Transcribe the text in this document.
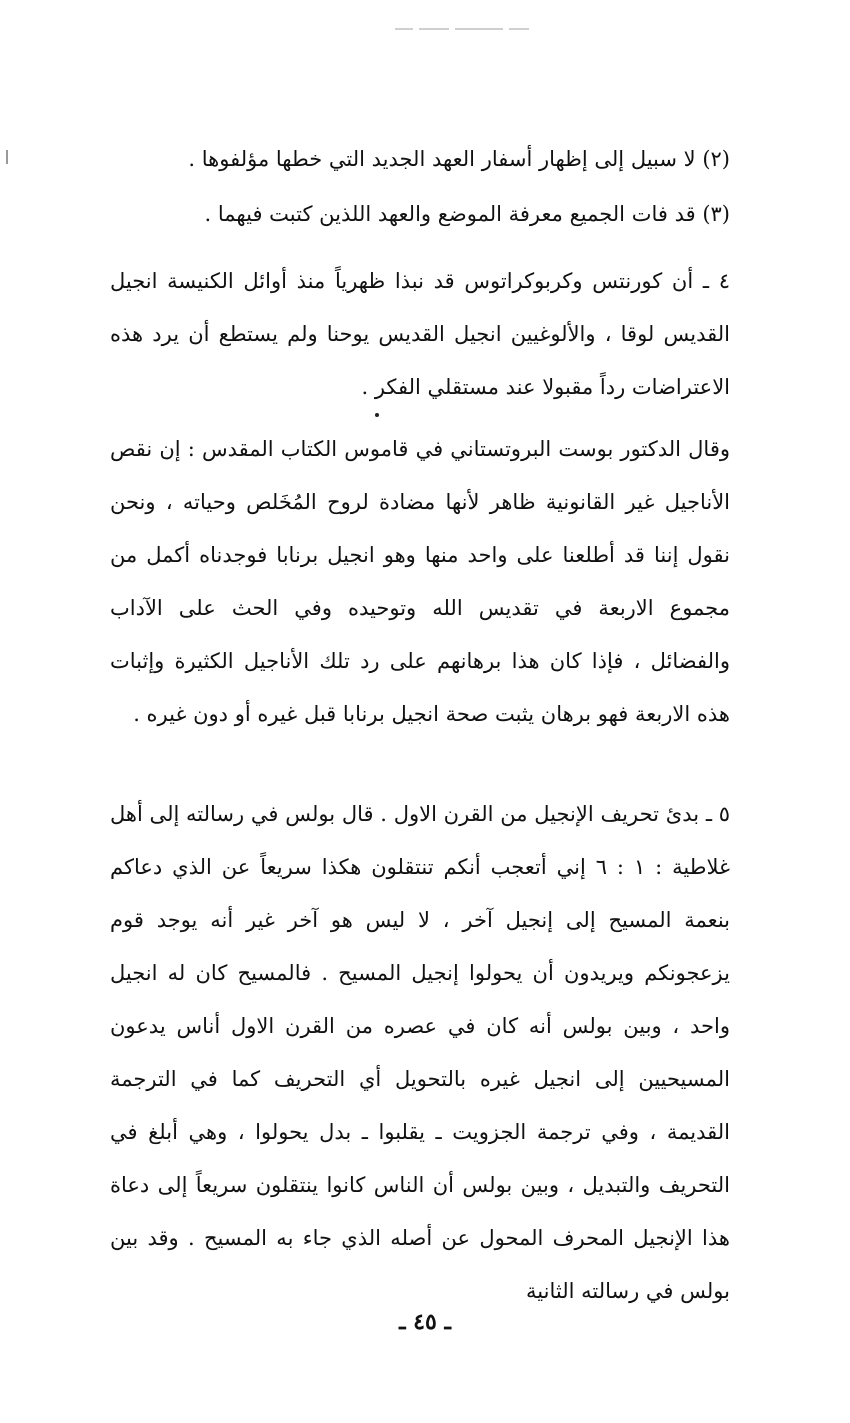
(٢) لا سبيل إلى إظهار أسفار العهد الجديد التي خطها مؤلفوها .
(٣) قد فات الجميع معرفة الموضع والعهد اللذين كتبت فيهما .
٤ ـ أن كورنتس وكربوكراتوس قد نبذا ظهرياً منذ أوائل الكنيسة انجيل القديس لوقا ، والألوغيين انجيل القديس يوحنا ولم يستطع أن يرد هذه الاعتراضات رداً مقبولا عند مستقلي الفكر .
وقال الدكتور بوست البروتستاني في قاموس الكتاب المقدس : إن نقص الأناجيل غير القانونية ظاهر لأنها مضادة لروح المُخَلص وحياته ، ونحن نقول إننا قد أطلعنا على واحد منها وهو انجيل برنابا فوجدناه أكمل من مجموع الاربعة في تقديس الله وتوحيده وفي الحث على الآداب والفضائل ، فإذا كان هذا برهانهم على رد تلك الأناجيل الكثيرة وإثبات هذه الاربعة فهو برهان يثبت صحة انجيل برنابا قبل غيره أو دون غيره .
٥ ـ بدئ تحريف الإنجيل من القرن الاول . قال بولس في رسالته إلى أهل غلاطية : ١ : ٦ إني أتعجب أنكم تنتقلون هكذا سريعاً عن الذي دعاكم بنعمة المسيح إلى إنجيل آخر ، لا ليس هو آخر غير أنه يوجد قوم يزعجونكم ويريدون أن يحولوا إنجيل المسيح . فالمسيح كان له انجيل واحد ، وبين بولس أنه كان في عصره من القرن الاول أناس يدعون المسيحيين إلى انجيل غيره بالتحويل أي التحريف كما في الترجمة القديمة ، وفي ترجمة الجزويت ـ يقلبوا ـ بدل يحولوا ، وهي أبلغ في التحريف والتبديل ، وبين بولس أن الناس كانوا ينتقلون سريعاً إلى دعاة هذا الإنجيل المحرف المحول عن أصله الذي جاء به المسيح . وقد بين بولس في رسالته الثانية
ـ ٤٥ ـ
